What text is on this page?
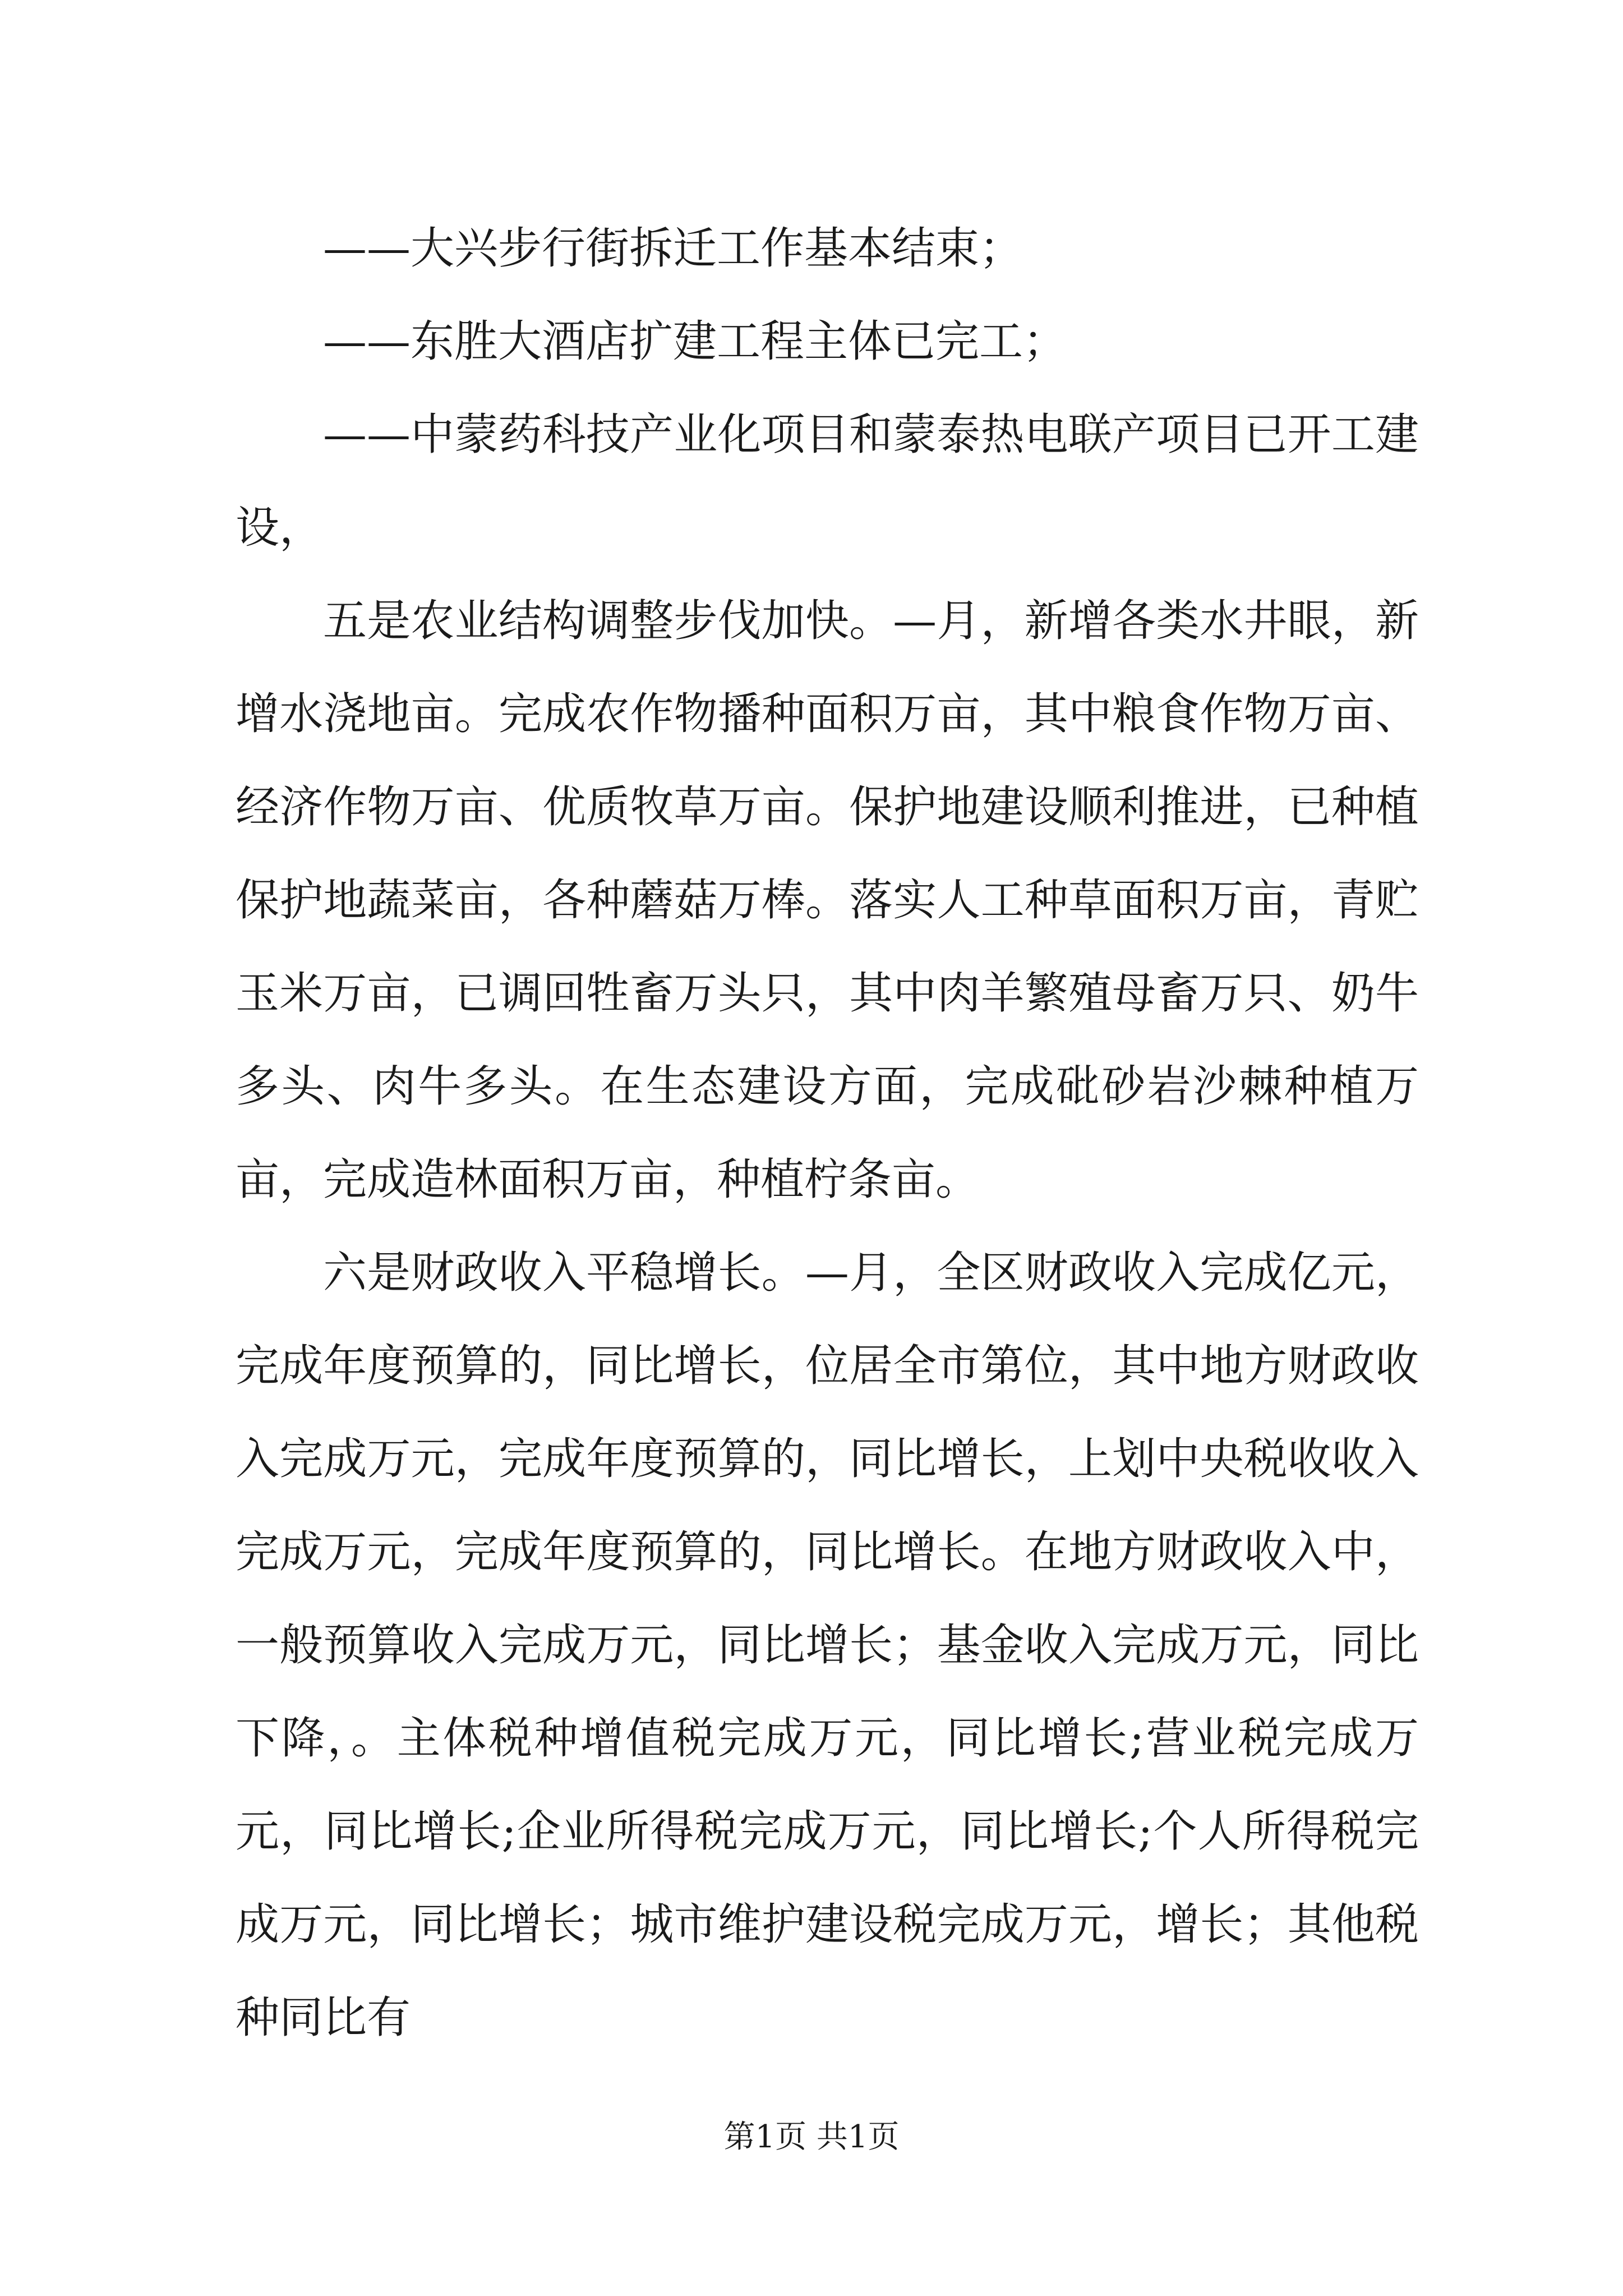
——大兴步行街拆迁工作基本结束；

——东胜大酒店扩建工程主体已完工；

——中蒙药科技产业化项目和蒙泰热电联产项目已开工建设，

五是农业结构调整步伐加快。—月，新增各类水井眼，新增水浇地亩。完成农作物播种面积万亩，其中粮食作物万亩、经济作物万亩、优质牧草万亩。保护地建设顺利推进，已种植保护地蔬菜亩，各种蘑菇万棒。落实人工种草面积万亩，青贮玉米万亩，已调回牲畜万头只，其中肉羊繁殖母畜万只、奶牛多头、肉牛多头。在生态建设方面，完成砒砂岩沙棘种植万亩，完成造林面积万亩，种植柠条亩。

六是财政收入平稳增长。—月，全区财政收入完成亿元，完成年度预算的，同比增长，位居全市第位，其中地方财政收入完成万元，完成年度预算的，同比增长，上划中央税收收入完成万元，完成年度预算的，同比增长。在地方财政收入中，一般预算收入完成万元，同比增长；基金收入完成万元，同比下降，。主体税种增值税完成万元，同比增长;营业税完成万元，同比增长;企业所得税完成万元，同比增长;个人所得税完成万元，同比增长；城市维护建设税完成万元，增长；其他税种同比有

第1页 共1页
